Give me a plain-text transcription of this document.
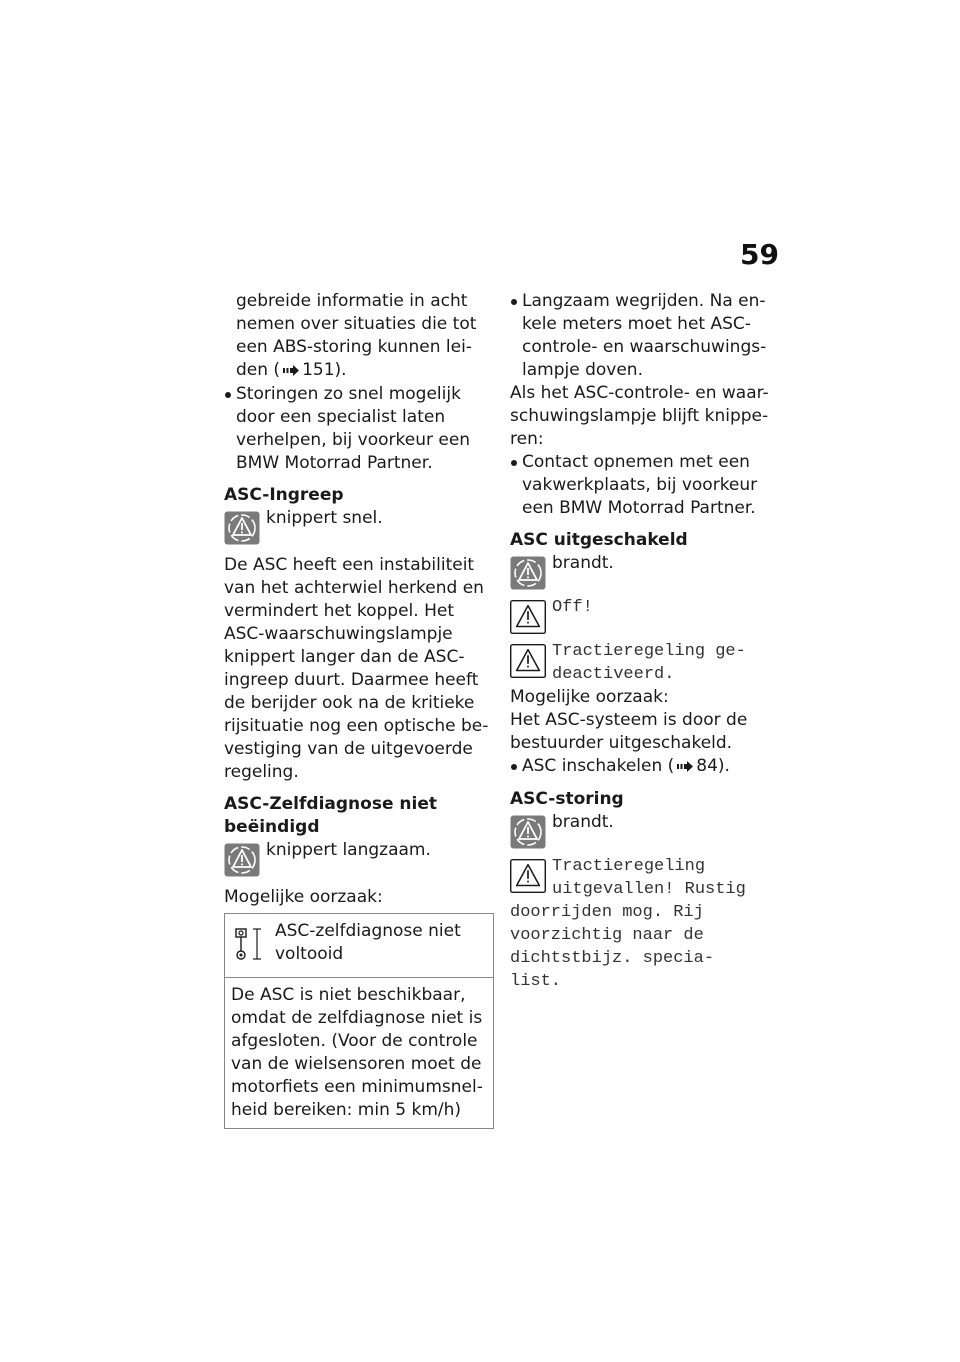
59

gebreide informatie in acht

nemen over situaties die tot

een ABS-storing kunnen lei-

den ( 151).

Storingen zo snel mogelijk

door een specialist laten

verhelpen, bij voorkeur een

BMW Motorrad Partner.

ASC-Ingreep

knippert snel.

De ASC heeft een instabiliteit

van het achterwiel herkend en

vermindert het koppel. Het

ASC-waarschuwingslampje

knippert langer dan de ASC-

ingreep duurt. Daarmee heeft

de berijder ook na de kritieke

rijsituatie nog een optische be-

vestiging van de uitgevoerde

regeling.

ASC-Zelfdiagnose niet

beëindigd

knippert langzaam.

Mogelijke oorzaak:

ASC-zelfdiagnose niet

voltooid

De ASC is niet beschikbaar,

omdat de zelfdiagnose niet is

afgesloten. (Voor de controle

van de wielsensoren moet de

motorfiets een minimumsnel-

heid bereiken: min 5 km/h)

Langzaam wegrijden. Na en-

kele meters moet het ASC-

controle- en waarschuwings-

lampje doven.

Als het ASC-controle- en waar-

schuwingslampje blijft knippe-

ren:

Contact opnemen met een

vakwerkplaats, bij voorkeur

een BMW Motorrad Partner.

ASC uitgeschakeld

brandt.

Off!

Tractieregeling ge-

deactiveerd.

Mogelijke oorzaak:

Het ASC-systeem is door de

bestuurder uitgeschakeld.

ASC inschakelen ( 84).

ASC-storing

brandt.

Tractieregeling

uitgevallen! Rustig

doorrijden mog. Rij

voorzichtig naar de

dichtstbijz. specia-

list.
